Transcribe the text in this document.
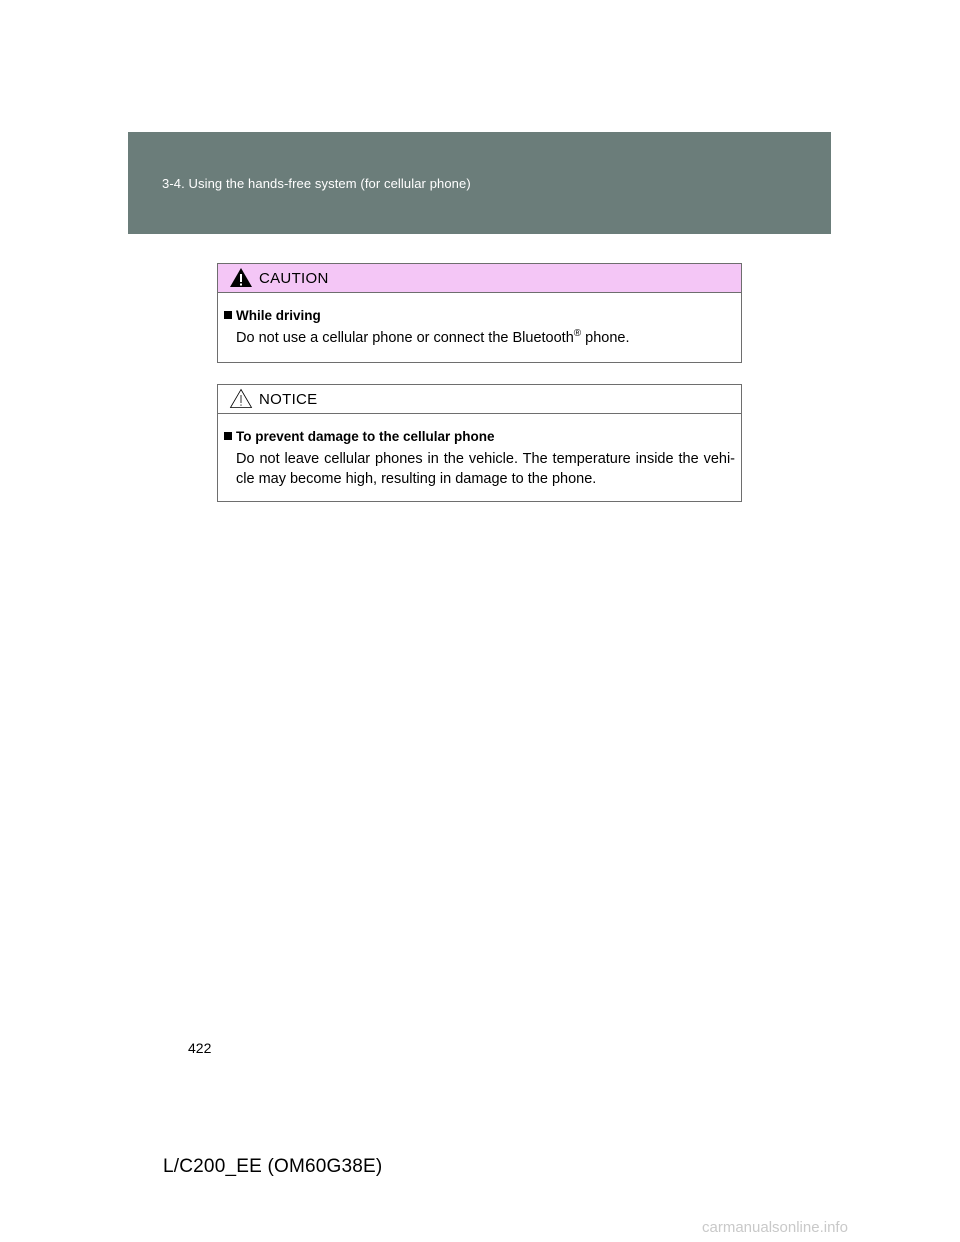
3-4. Using the hands-free system (for cellular phone)
CAUTION
While driving
Do not use a cellular phone or connect the Bluetooth® phone.
NOTICE
To prevent damage to the cellular phone
Do not leave cellular phones in the vehicle. The temperature inside the vehi-cle may become high, resulting in damage to the phone.
422
L/C200_EE (OM60G38E)
carmanualsonline.info
